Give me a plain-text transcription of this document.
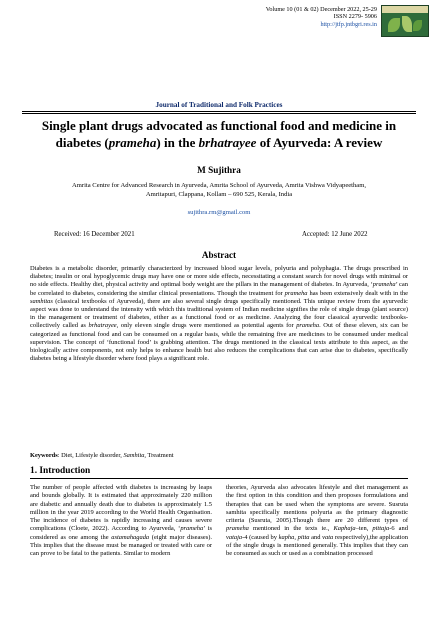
Volume 10 (01 & 02) December 2022, 25-29
ISSN 2279- 5906
http://jtfp.jntbgri.res.in
Journal of Traditional and Folk Practices
Single plant drugs advocated as functional food and medicine in diabetes (prameha) in the brhatrayee of Ayurveda: A review
M Sujithra
Amrita Centre for Advanced Research in Ayurveda, Amrita School of Ayurveda, Amrita Vishwa Vidyapeetham,
Amritapuri, Clappana, Kollam – 690 525, Kerala, India
sujithra.rm@gmail.com
Received: 16 December 2021	Accepted: 12 June 2022
Abstract

Diabetes is a metabolic disorder, primarily characterized by increased blood sugar levels, polyuria and polyphagia. The drugs prescribed in diabetes; insulin or oral hypoglycemic drugs may have one or more side effects, necessitating a constant search for novel drugs with minimal or no side effects. Healthy diet, physical activity and optimal body weight are the pillars in the management of diabetes. In Ayurveda, ‘prameha’ can be correlated to diabetes, considering the similar clinical presentations. Though the treatment for prameha has been extensively dealt with in the samhitas (classical textbooks of Ayurveda), there are also several single drugs specifically mentioned. This unique review from the ayurvedic aspect was done to understand the intensity with which this traditional system of Indian medicine signifies the role of single drugs (plant source) in the management or treatment of diabetes, either as a functional food or as medicine. Analyzing the four classical ayurvedic textbooks-collectively called as brhatrayee, only eleven single drugs were mentioned as potential agents for prameha. Out of these eleven, six can be categorized as functional food and can be consumed on a regular basis, while the remaining five are medicines to be consumed under medical supervision. The concept of ‘functional food’ is grabbing attention. The drugs mentioned in the classical texts attribute to this aspect, as the biologically active components, not only helps to enhance health but also reduces the complications that can arise due to diabetes, specifically diabetes being a lifestyle disorder where food plays a significant role.

Keywords: Diet, Lifestyle disorder, Samhita, Treatment
1. Introduction

The number of people affected with diabetes is increasing by leaps and bounds globally. It is estimated that approximately 220 million are diabetic and annually death due to diabetes is approximately 1.5 million in the year 2019 according to the World Health Organisation. The incidence of diabetes is rapidly increasing and causes severe complications (Cloete, 2022). According to Ayurveda, ‘prameha’ is considered as one among the astamahagada (eight major diseases). This implies that the disease must be managed or treated with care or can prove to be fatal to the patients. Similar to modern

theories, Ayurveda also advocates lifestyle and diet management as the first option in this condition and then proposes formulations and therapies that can be used when the symptoms are severe. Susruta samhita specifically mentions polyuria as the primary diagnostic criteria (Susruta, 2005).Though there are 20 different types of prameha mentioned in the texts ie., Kaphaja–ten, pittaja-6 and vataja-4 (caused by kapha, pitta and vata respectively),the application of the single drugs is mentioned generally. This implies that they can be consumed as such or used as a combination processed
